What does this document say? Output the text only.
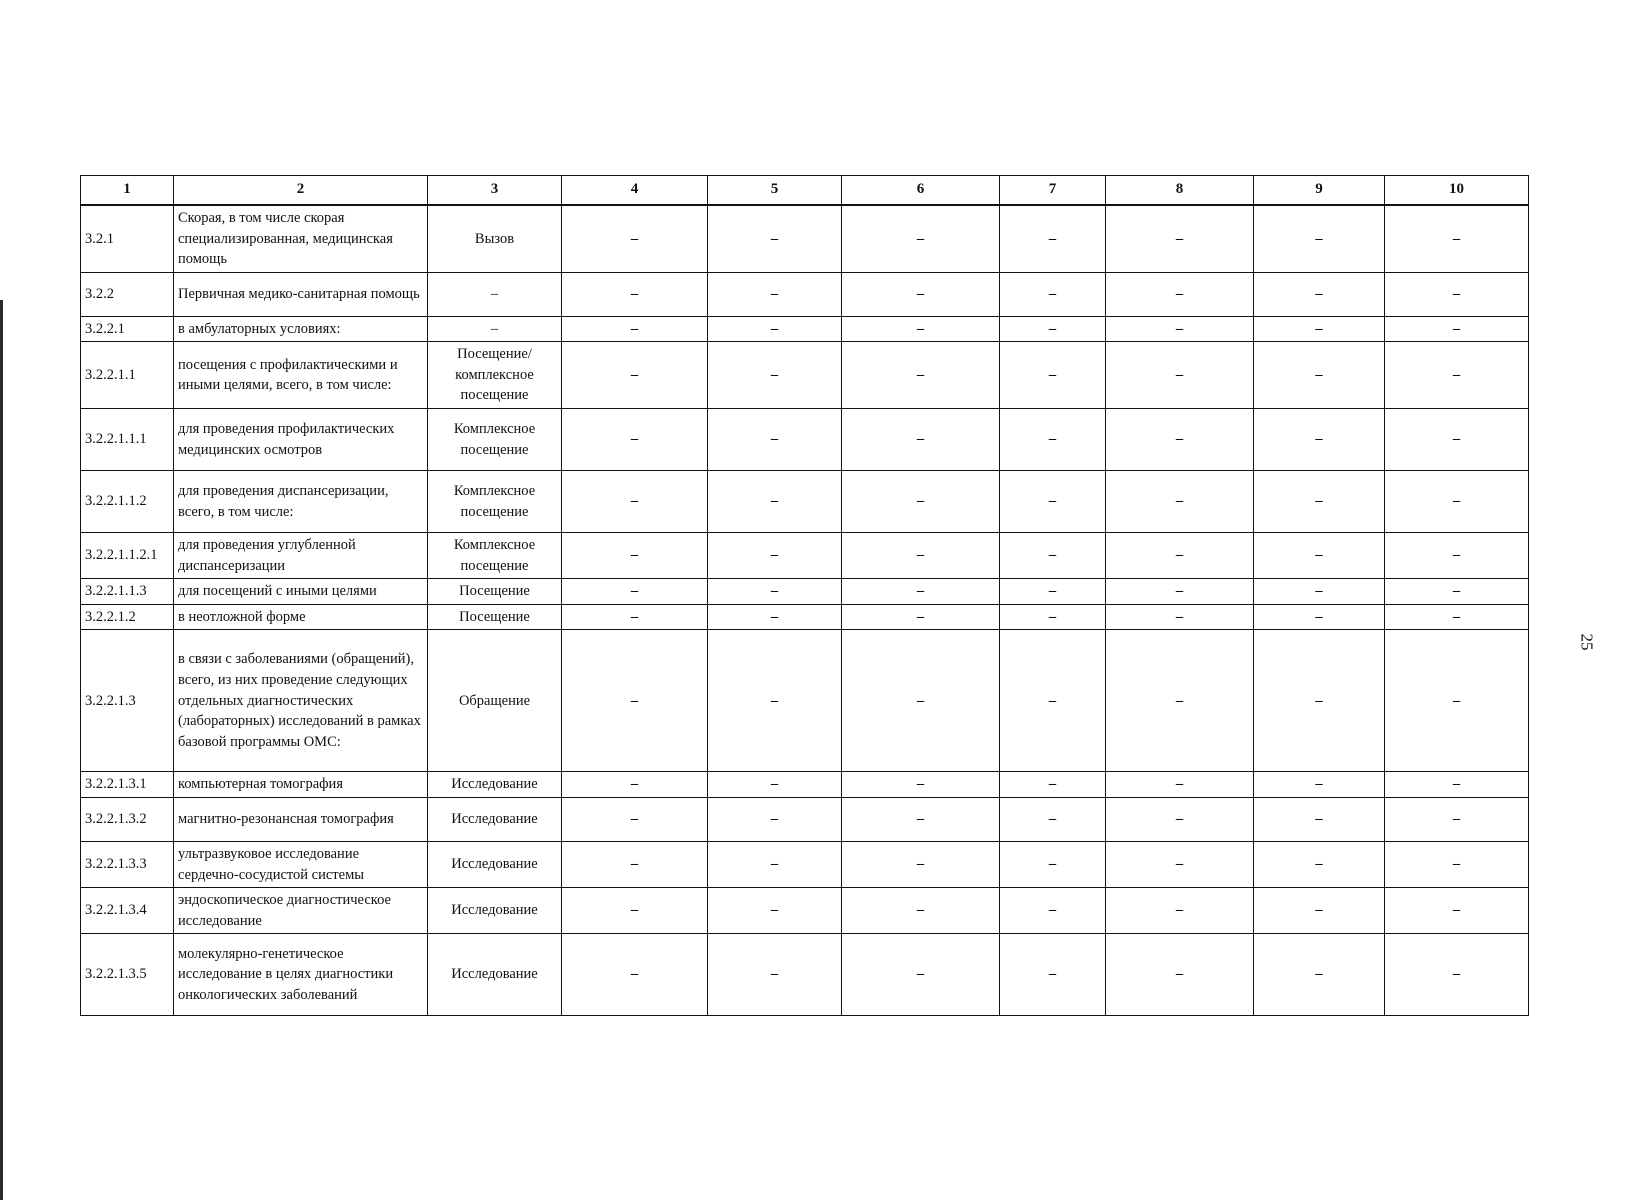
25
1	2	3	4	5	6	7	8	9	10
3.2.1	Скорая, в том числе скорая специализированная, медицинская помощь	Вызов	–	–	–	–	–	–	–
3.2.2	Первичная медико-санитарная помощь	–	–	–	–	–	–	–	–
3.2.2.1	в амбулаторных условиях:	–	–	–	–	–	–	–	–
3.2.2.1.1	посещения с профилактическими и иными целями, всего, в том числе:	Посещение/ комплексное посещение	–	–	–	–	–	–	–
3.2.2.1.1.1	для проведения профилактических медицинских осмотров	Комплексное посещение	–	–	–	–	–	–	–
3.2.2.1.1.2	для проведения диспансеризации, всего, в том числе:	Комплексное посещение	–	–	–	–	–	–	–
3.2.2.1.1.2.1	для проведения углубленной диспансеризации	Комплексное посещение	–	–	–	–	–	–	–
3.2.2.1.1.3	для посещений с иными целями	Посещение	–	–	–	–	–	–	–
3.2.2.1.2	в неотложной форме	Посещение	–	–	–	–	–	–	–
3.2.2.1.3	в связи с заболеваниями (обращений), всего, из них проведение следующих отдельных диагностических (лабораторных) исследований в рамках базовой программы ОМС:	Обращение	–	–	–	–	–	–	–
3.2.2.1.3.1	компьютерная томография	Исследование	–	–	–	–	–	–	–
3.2.2.1.3.2	магнитно-резонансная томография	Исследование	–	–	–	–	–	–	–
3.2.2.1.3.3	ультразвуковое исследование сердечно-сосудистой системы	Исследование	–	–	–	–	–	–	–
3.2.2.1.3.4	эндоскопическое диагностическое исследование	Исследование	–	–	–	–	–	–	–
3.2.2.1.3.5	молекулярно-генетическое исследование в целях диагностики онкологических заболеваний	Исследование	–	–	–	–	–	–	–
